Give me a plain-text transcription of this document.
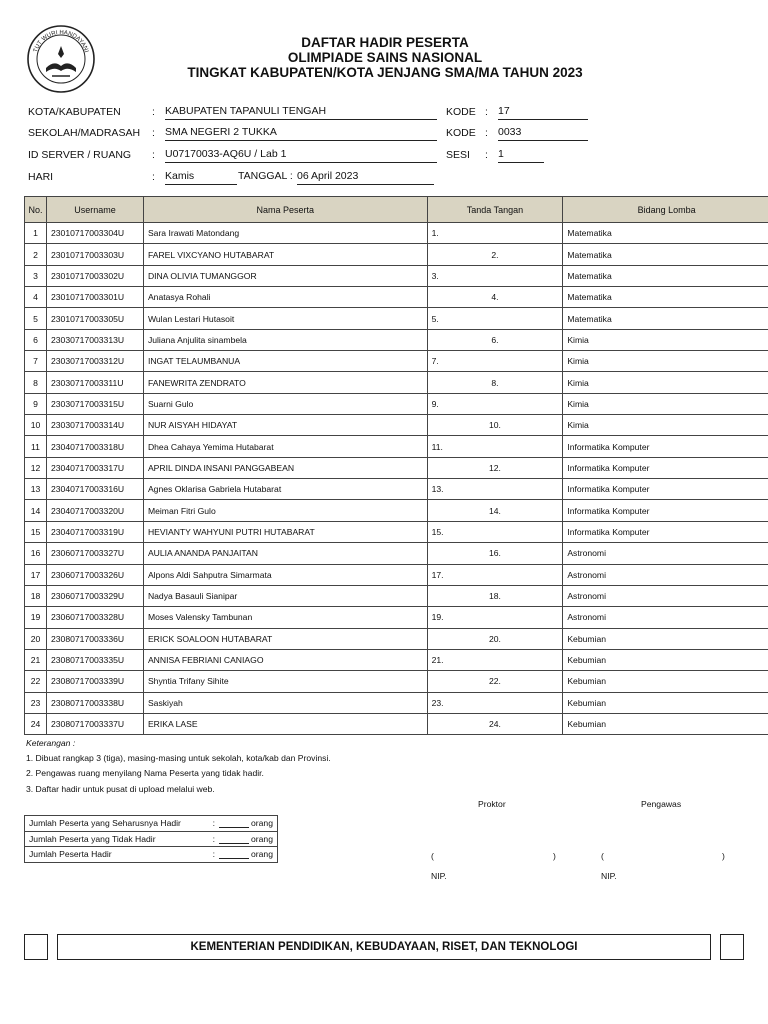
TUT WURI HANDAYANI
DAFTAR HADIR PESERTA
OLIMPIADE SAINS NASIONAL
TINGKAT KABUPATEN/KOTA JENJANG SMA/MA TAHUN 2023
KOTA/KABUPATEN	: KABUPATEN TAPANULI TENGAH
SEKOLAH/MADRASAH : SMA NEGERI 2 TUKKA
ID SERVER / RUANG : U07170033-AQ6U / Lab 1
HARI	: Kamis	TANGGAL : 06 April 2023
KODE : 17
KODE : 0033
SESI : 1
No.	Username	Nama Peserta	Tanda Tangan	Bidang Lomba
1	23010717003304U	Sara Irawati Matondang	1.	Matematika
2	23010717003303U	FAREL VIXCYANO HUTABARAT	2.	Matematika
3	23010717003302U	DINA OLIVIA TUMANGGOR	3.	Matematika
4	23010717003301U	Anatasya Rohali	4.	Matematika
5	23010717003305U	Wulan Lestari Hutasoit	5.	Matematika
6	23030717003313U	Juliana Anjulita sinambela	6.	Kimia
7	23030717003312U	INGAT TELAUMBANUA	7.	Kimia
8	23030717003311U	FANEWRITA ZENDRATO	8.	Kimia
9	23030717003315U	Suarni Gulo	9.	Kimia
10	23030717003314U	NUR AISYAH HIDAYAT	10.	Kimia
11	23040717003318U	Dhea Cahaya Yemima Hutabarat	11.	Informatika Komputer
12	23040717003317U	APRIL DINDA INSANI PANGGABEAN	12.	Informatika Komputer
13	23040717003316U	Agnes Oklarisa Gabriela Hutabarat	13.	Informatika Komputer
14	23040717003320U	Meiman Fitri Gulo	14.	Informatika Komputer
15	23040717003319U	HEVIANTY WAHYUNI PUTRI HUTABARAT	15.	Informatika Komputer
16	23060717003327U	AULIA ANANDA PANJAITAN	16.	Astronomi
17	23060717003326U	Alpons Aldi Sahputra Simarmata	17.	Astronomi
18	23060717003329U	Nadya Basauli Sianipar	18.	Astronomi
19	23060717003328U	Moses Valensky Tambunan	19.	Astronomi
20	23080717003336U	ERICK SOALOON HUTABARAT	20.	Kebumian
21	23080717003335U	ANNISA FEBRIANI CANIAGO	21.	Kebumian
22	23080717003339U	Shyntia Trifany Sihite	22.	Kebumian
23	23080717003338U	Saskiyah	23.	Kebumian
24	23080717003337U	ERIKA LASE	24.	Kebumian
Keterangan :
1. Dibuat rangkap 3 (tiga), masing-masing untuk sekolah, kota/kab dan Provinsi.
2. Pengawas ruang menyilang Nama Peserta yang tidak hadir.
3. Daftar hadir untuk pusat di upload melalui web.
Jumlah Peserta yang Seharusnya Hadir	: orang
Jumlah Peserta yang Tidak Hadir	: orang
Jumlah Peserta Hadir	: orang
Proktor	Pengawas
(	)	(	)
NIP.	NIP.
KEMENTERIAN PENDIDIKAN, KEBUDAYAAN, RISET, DAN TEKNOLOGI
